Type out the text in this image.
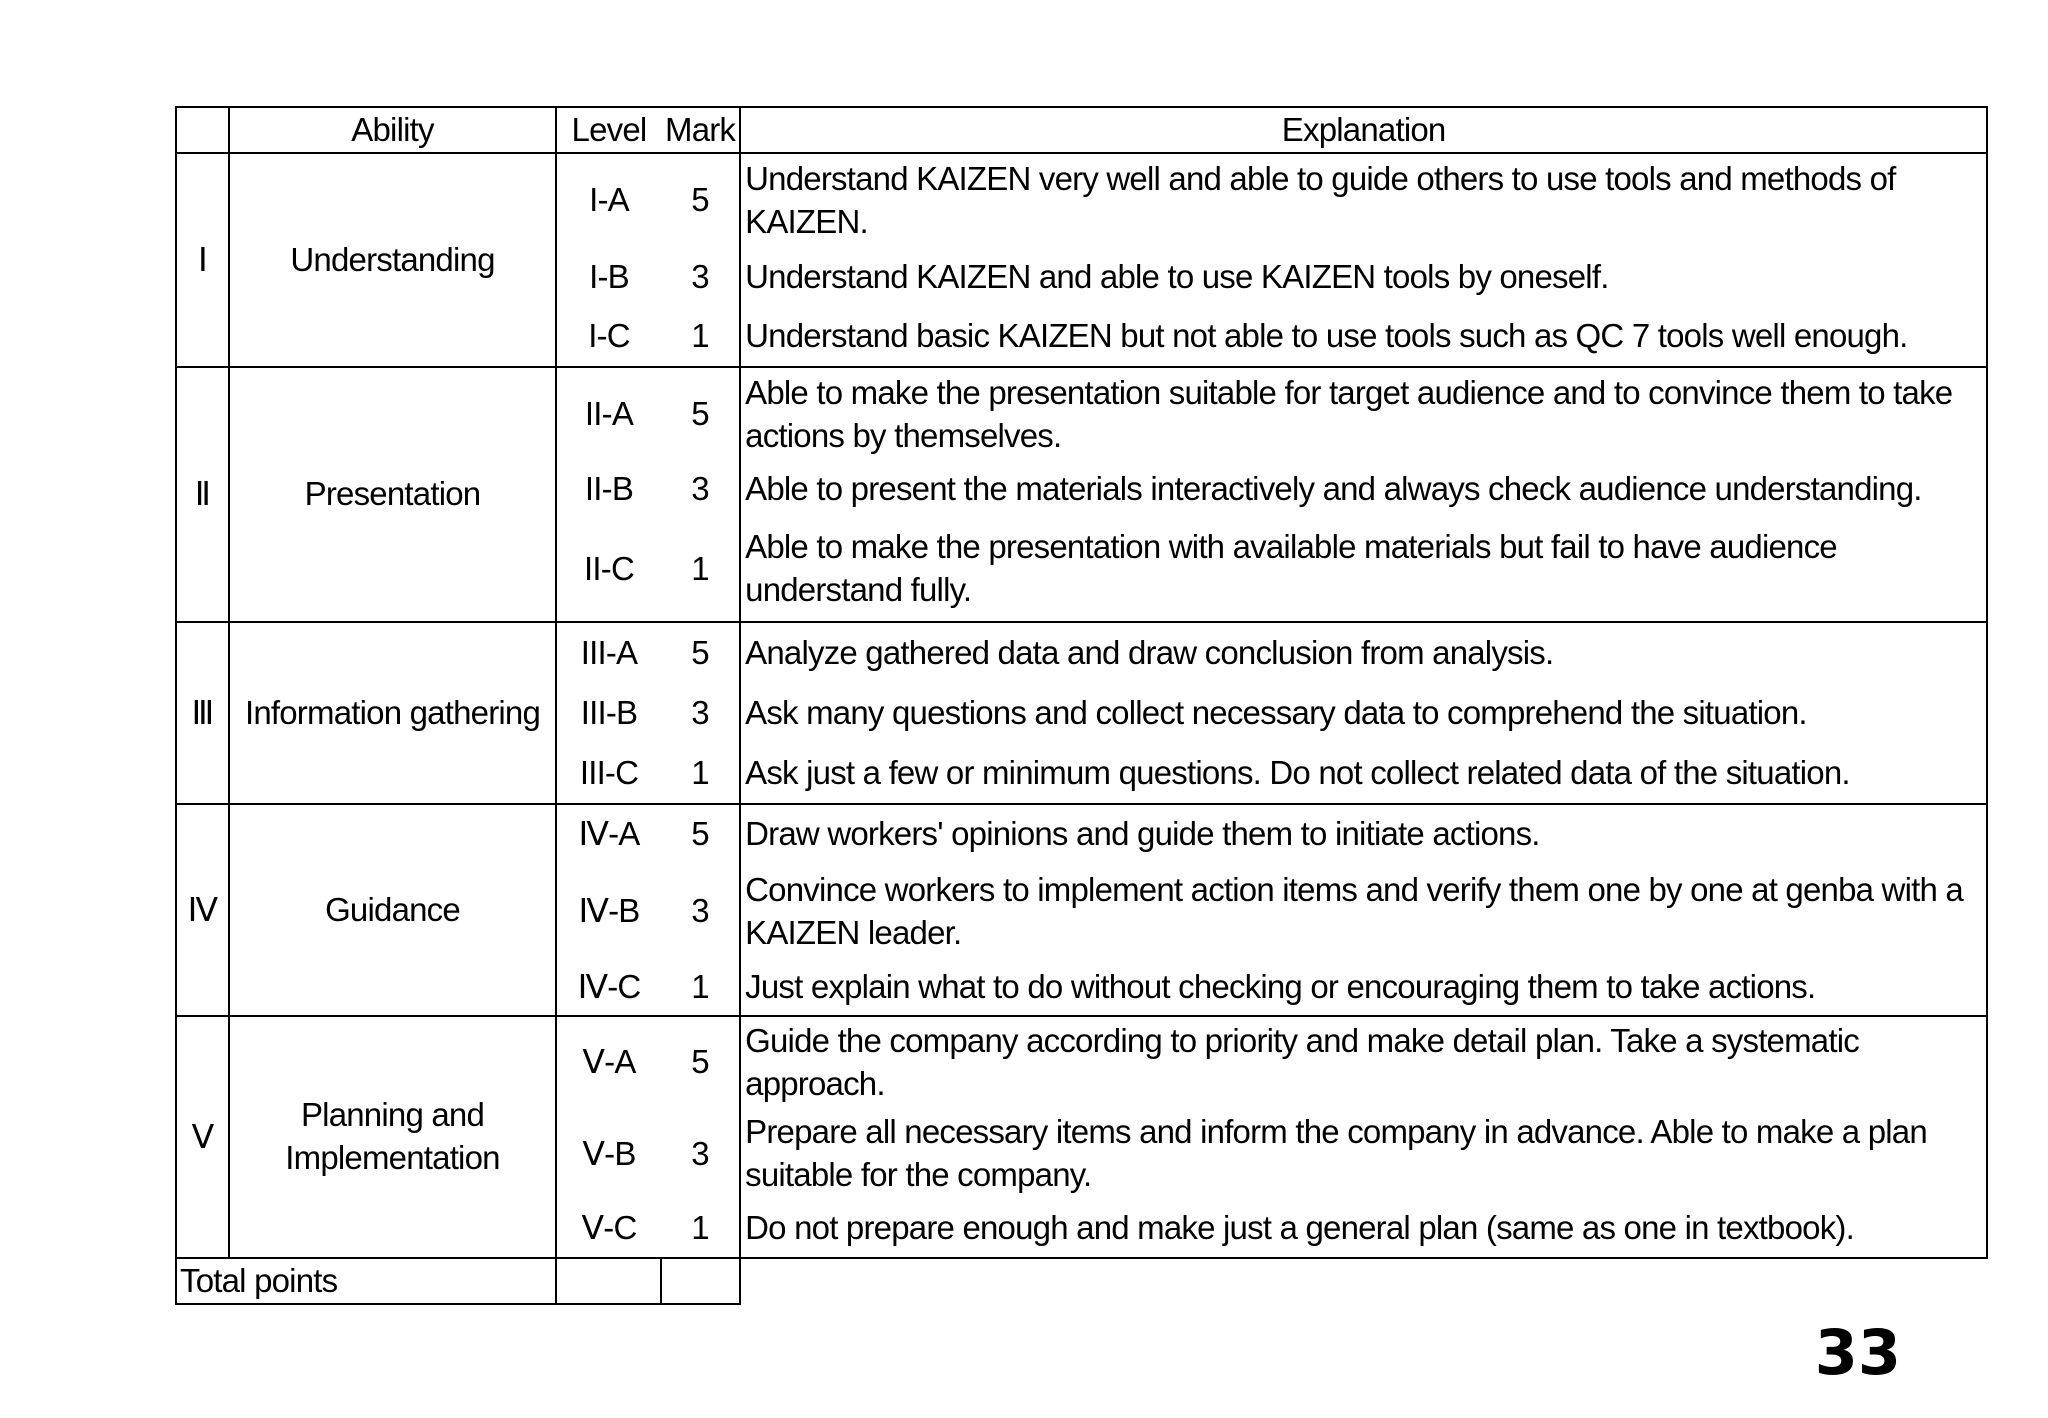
	Ability	Level	Mark	Explanation
Ⅰ	Understanding	I-A	5	Understand KAIZEN very well and able to guide others to use tools and methods of KAIZEN.
		I-B	3	Understand KAIZEN and able to use KAIZEN tools by oneself.
		I-C	1	Understand basic KAIZEN but not able to use tools such as QC 7 tools well enough.
Ⅱ	Presentation	II-A	5	Able to make the presentation suitable for target audience and to convince them to take actions by themselves.
		II-B	3	Able to present the materials interactively and always check audience understanding.
		II-C	1	Able to make the presentation with available materials but fail to have audience understand fully.
Ⅲ	Information gathering	III-A	5	Analyze gathered data and draw conclusion from analysis.
		III-B	3	Ask many questions and collect necessary data to comprehend the situation.
		III-C	1	Ask just a few or minimum questions. Do not collect related data of the situation.
Ⅳ	Guidance	Ⅳ-A	5	Draw workers' opinions and guide them to initiate actions.
		Ⅳ-B	3	Convince workers to implement action items and verify them one by one at genba with a KAIZEN leader.
		Ⅳ-C	1	Just explain what to do without checking or encouraging them to take actions.
Ⅴ	Planning and Implementation	Ⅴ-A	5	Guide the company according to priority and make detail plan. Take a systematic approach.
		Ⅴ-B	3	Prepare all necessary items and inform the company in advance. Able to make a plan suitable for the company.
		Ⅴ-C	1	Do not prepare enough and make just a general plan (same as one in textbook).
Total points				
33
